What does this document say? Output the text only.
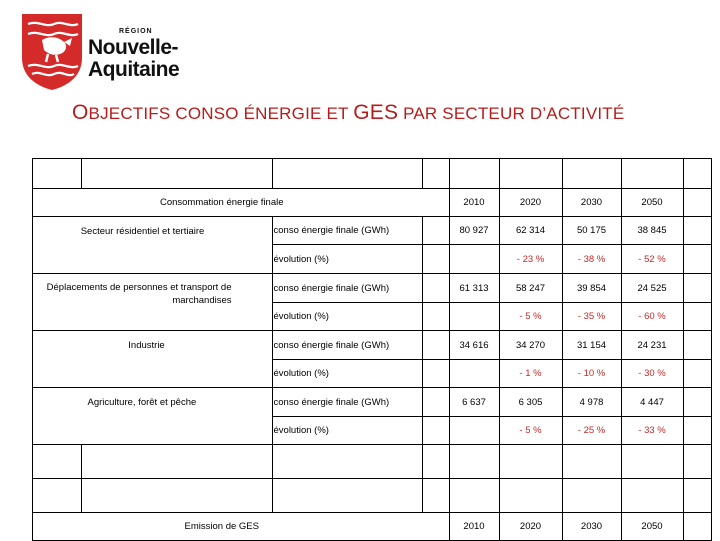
RÉGION
Nouvelle-
Aquitaine
OBJECTIFS CONSO ÉNERGIE ET GES PAR SECTEUR D’ACTIVITÉ

	Consommation énergie finale		2010	2020	2030	2050	
	Secteur résidentiel et tertiaire	conso énergie finale (GWh)		80 927	62 314	50 175	38 845	
		évolution (%)			- 23 %	- 38 %	- 52 %	

Déplacements de personnes et transport de marchandises	conso énergie finale (GWh)		61 313	58 247	39 854	24 525	
		évolution (%)			- 5 %	- 35 %	- 60 %	
	Industrie	conso énergie finale (GWh)		34 616	34 270	31 154	24 231	
		évolution (%)			- 1 %	- 10 %	- 30 %	

Agriculture, forêt et pêche	conso énergie finale (GWh)		6 637	6 305	4 978	4 447	
		évolution (%)			- 5 %	- 25 %	- 33 %	

	Emission de GES		2010	2020	2030	2050	
